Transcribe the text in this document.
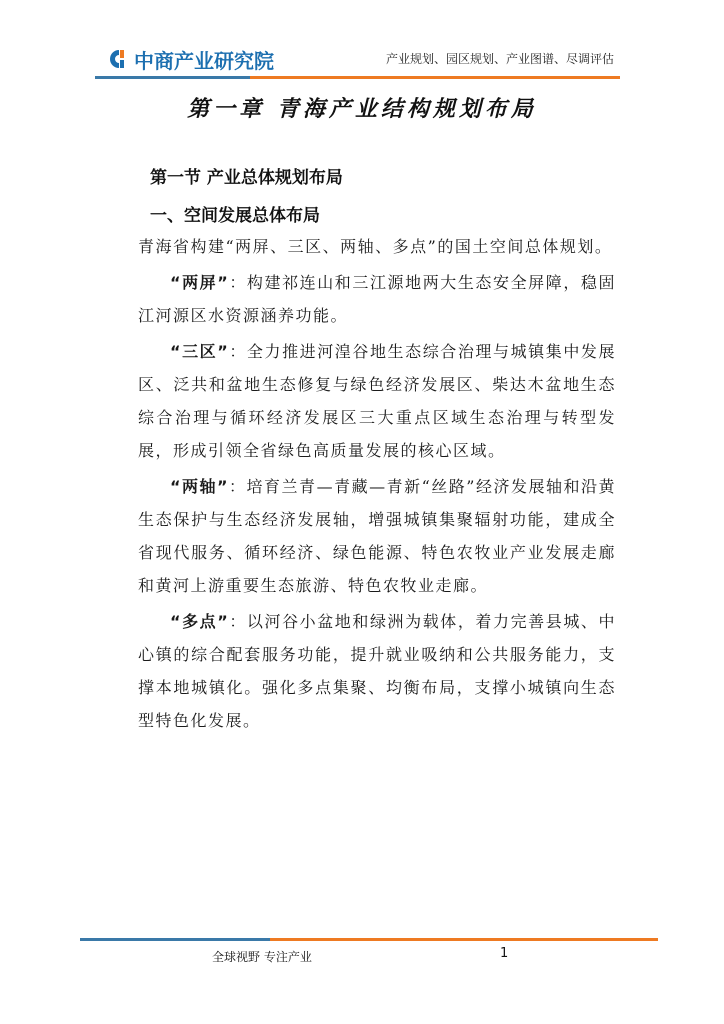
中商产业研究院	产业规划、园区规划、产业图谱、尽调评估
第一章 青海产业结构规划布局
第一节 产业总体规划布局
一、空间发展总体布局

青海省构建“两屏、三区、两轴、多点”的国土空间总体规划。

“两屏”：构建祁连山和三江源地两大生态安全屏障，稳固江河源区水资源涵养功能。

“三区”：全力推进河湟谷地生态综合治理与城镇集中发展区、泛共和盆地生态修复与绿色经济发展区、柴达木盆地生态综合治理与循环经济发展区三大重点区域生态治理与转型发展，形成引领全省绿色高质量发展的核心区域。

“两轴”：培育兰青—青藏—青新“丝路”经济发展轴和沿黄生态保护与生态经济发展轴，增强城镇集聚辐射功能，建成全省现代服务、循环经济、绿色能源、特色农牧业产业发展走廊和黄河上游重要生态旅游、特色农牧业走廊。

“多点”：以河谷小盆地和绿洲为载体，着力完善县城、中心镇的综合配套服务功能，提升就业吸纳和公共服务能力，支撑本地城镇化。强化多点集聚、均衡布局，支撑小城镇向生态型特色化发展。

全球视野 专注产业	1
